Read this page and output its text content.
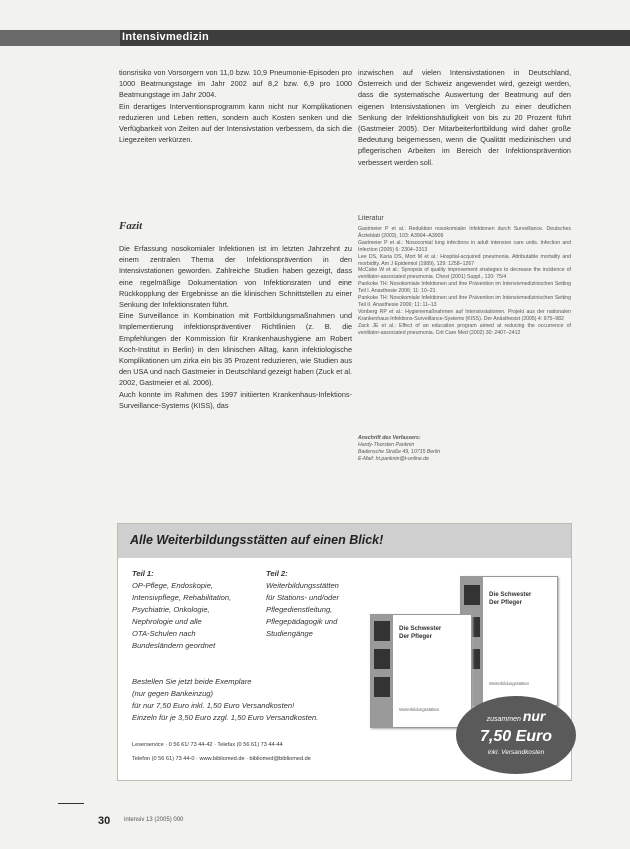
Intensivmedizin

tionsrisiko von Vorsorgern von 11,0 bzw. 10,9 Pneumonie-Episoden pro 1000 Beatmungstage im Jahr 2002 auf 8,2 bzw. 6,9 pro 1000 Beatmungstage im Jahr 2004.

Ein derartiges Interventionsprogramm kann nicht nur Komplikationen reduzieren und Leben retten, sondern auch Kosten senken und die Verfügbarkeit von Zeiten auf der Intensivstation verbessern, da sich die Liegezeiten verkürzen.

Fazit

Die Erfassung nosokomialer Infektionen ist im letzten Jahrzehnt zu einem zentralen Thema der Infektionsprävention in den Intensivstationen geworden. Zahlreiche Studien haben gezeigt, dass eine regelmäßige Dokumentation von Infektionsraten und eine Rückkopplung der Ergebnisse an die klinischen Schnittstellen zu einer Senkung der Infektionsraten führt.

Eine Surveillance in Kombination mit Fortbildungsmaßnahmen und Implementierung infektionspräventiver Richtlinien (z. B. die Empfehlungen der Kommission für Krankenhaushygiene am Robert Koch-Institut in Berlin) in den klinischen Alltag, kann infektiologische Komplikationen um zirka ein bis 35 Prozent reduzieren, wie Studien aus den USA und nach Gastmeier in Deutschland gezeigt haben (Zuck et al. 2002, Gastmeier et al. 2006).

Auch konnte im Rahmen des 1997 initiierten Krankenhaus-Infektions-Surveillance-Systems (KISS), das

inzwischen auf vielen Intensivstationen in Deutschland, Österreich und der Schweiz angewendet wird, gezeigt werden, dass die systematische Auswertung der Beatmung auf den eigenen Intensivstationen im Vergleich zu einer deutlichen Senkung der Infektionshäufigkeit von bis zu 20 Prozent führt (Gastmeier 2005). Der Mitarbeiterfortbildung wird daher große Bedeutung beigemessen, wenn die Qualität medizinischen und pflegerischen Arbeiten im Bereich der Infektionsprävention verbessert werden soll.

Literatur

Gastmeier P et al.: Reduktion nosokomialer Infektionen durch Surveillance. Deutsches Ärzteblatt (2003), 103: A3904–A3909

Gastmeier P et al.: Nosocomial lung infections in adult intensive care units. Infection and Infection (2005) 6: 2304–2313

Lee DS, Karia DS, Mort M et al.: Hospital-acquired pneumonia. Attributable mortality and morbidity. Am J Epidemiol (1989), 129: 1258–1267

McCabe W et al.: Synopsis of quality improvement strategies to decrease the incidence of ventilator-associated pneumonia. Chest (2001) Suppl., 120: 75/4

Pankoke TH: Nosokomiale Infektionen und ihre Prävention im Intensivmedizinischen Setting Teil I. Anasthesie 2006; 11: 10–21

Pankoke TH: Nosokomiale Infektionen und ihre Prävention im Intensivmedizinischen Setting Teil II. Anasthesie 2006; 11: 11–13

Vonberg RP et al.: Hygienemaßnahmen auf Intensivstationen. Projekt aus der nationalen Krankenhaus-Infektions-Surveillance-Systems (KISS). Der Anästhesist (2005) 4: 975–982

Zack JE et al.: Effect of an education program aimed at reducing the occurrence of ventilator-associated pneumonia. Crit Care Med (2002) 30: 2407–2412

Anschrift des Verfassers:
Hardy-Thorsten Panknin
Badensche Straße 49, 10715 Berlin
E-Mail: ht.panknin@t-online.de
Alle Weiterbildungsstätten auf einen Blick!
Teil 1:
OP-Pflege, Endoskopie,
Intensivpflege, Rehabilitation,
Psychiatrie, Onkologie,
Nephrologie und alle
OTA-Schulen nach
Bundesländern geordnet
Teil 2:
Weiterbildungsstätten
für Stations- und/oder
Pflegedienstleitung,
Pflegepädagogik und
Studiengänge
Bestellen Sie jetzt beide Exemplare
(nur gegen Bankeinzug)
für nur 7,50 Euro inkl. 1,50 Euro Versandkosten!
Einzeln für je 3,50 Euro zzgl. 1,50 Euro Versandkosten.
Die Schwester
Der Pfleger
Weiterbildungsstätten
Die Schwester
Der Pfleger
Weiterbildungsstätten
zusammen nur
7,50 Euro
inkl. Versandkosten
Leserservice · 0 56 61/ 73 44-42 · Telefax (0 56 61) 73 44-44
Telefon (0 56 61) 73 44-0 · www.bibliomed.de · bibliomed@bibliomed.de
30 intensiv 13 (2005) 000
